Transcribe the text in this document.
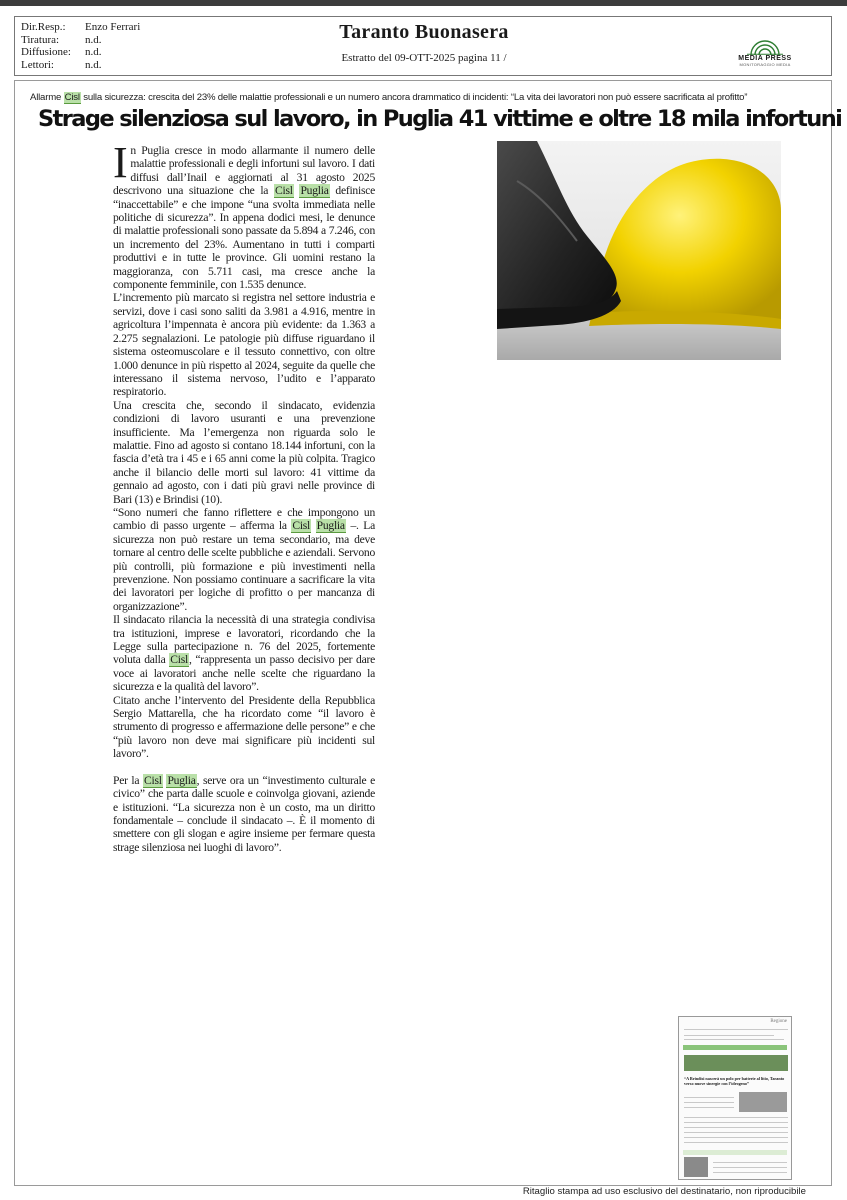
Dir.Resp.:	Enzo Ferrari
Tiratura:	n.d.
Diffusione:	n.d.
Lettori:	n.d.
Taranto Buonasera
Estratto del 09-OTT-2025 pagina 11 /	MEDIA PRESS
MONITORAGGIO MEDIA
Allarme Cisl sulla sicurezza: crescita del 23% delle malattie professionali e un numero ancora drammatico di incidenti: “La vita dei lavoratori non può essere sacrificata al profitto”
Strage silenziosa sul lavoro, in Puglia 41 vittime e oltre 18 mila infortuni

In Puglia cresce in modo allarmante il numero delle malattie professionali e degli infortuni sul lavoro. I dati diffusi dall’Inail e aggiornati al 31 agosto 2025 descrivono una situazione che la Cisl Puglia definisce “inaccettabile” e che impone “una svolta immediata nelle politiche di sicurezza”. In appena dodici mesi, le denunce di malattie professionali sono passate da 5.894 a 7.246, con un incremento del 23%. Aumentano in tutti i comparti produttivi e in tutte le province. Gli uomini restano la maggioranza, con 5.711 casi, ma cresce anche la componente femminile, con 1.535 denunce.

L’incremento più marcato si registra nel settore industria e servizi, dove i casi sono saliti da 3.981 a 4.916, mentre in agricoltura l’impennata è ancora più evidente: da 1.363 a 2.275 segnalazioni. Le patologie più diffuse riguardano il sistema osteomuscolare e il tessuto connettivo, con oltre 1.000 denunce in più rispetto al 2024, seguite da quelle che interessano il sistema nervoso, l’udito e l’apparato respiratorio.

Una crescita che, secondo il sindacato, evidenzia condizioni di lavoro usuranti e una prevenzione insufficiente. Ma l’emergenza non riguarda solo le malattie. Fino ad agosto si contano 18.144 infortuni, con la fascia d’età tra i 45 e i 65 anni come la più colpita. Tragico anche il bilancio delle morti sul lavoro: 41 vittime da gennaio ad agosto, con i dati più gravi nelle province di Bari (13) e Brindisi (10).

“Sono numeri che fanno riflettere e che impongono un cambio di passo urgente – afferma la Cisl Puglia –. La sicurezza non può restare un tema secondario, ma deve tornare al centro delle scelte pubbliche e aziendali. Servono più controlli, più formazione e più investimenti nella prevenzione. Non possiamo continuare a sacrificare la vita dei lavoratori per logiche di profitto o per mancanza di organizzazione”.

Il sindacato rilancia la necessità di una strategia condivisa tra istituzioni, imprese e lavoratori, ricordando che la Legge sulla partecipazione n. 76 del 2025, fortemente voluta dalla Cisl, “rappresenta un passo decisivo per dare voce ai lavoratori anche nelle scelte che riguardano la sicurezza e la qualità del lavoro”.

Citato anche l’intervento del Presidente della Repubblica Sergio Mattarella, che ha ricordato come “il lavoro è strumento di progresso e affermazione delle persone” e che “più lavoro non deve mai significare più incidenti sul lavoro”.

Per la Cisl Puglia, serve ora un “investimento culturale e civico” che parta dalle scuole e coinvolga giovani, aziende e istituzioni. “La sicurezza non è un costo, ma un diritto fondamentale – conclude il sindacato –. È il momento di smettere con gli slogan e agire insieme per fermare questa strage silenziosa nei luoghi di lavoro”.

Regione
“A Brindisi nascerà un polo per batterie al litio, Taranto verso nuove sinergie con l’idrogeno”
Ritaglio stampa ad uso esclusivo del destinatario, non riproducibile
